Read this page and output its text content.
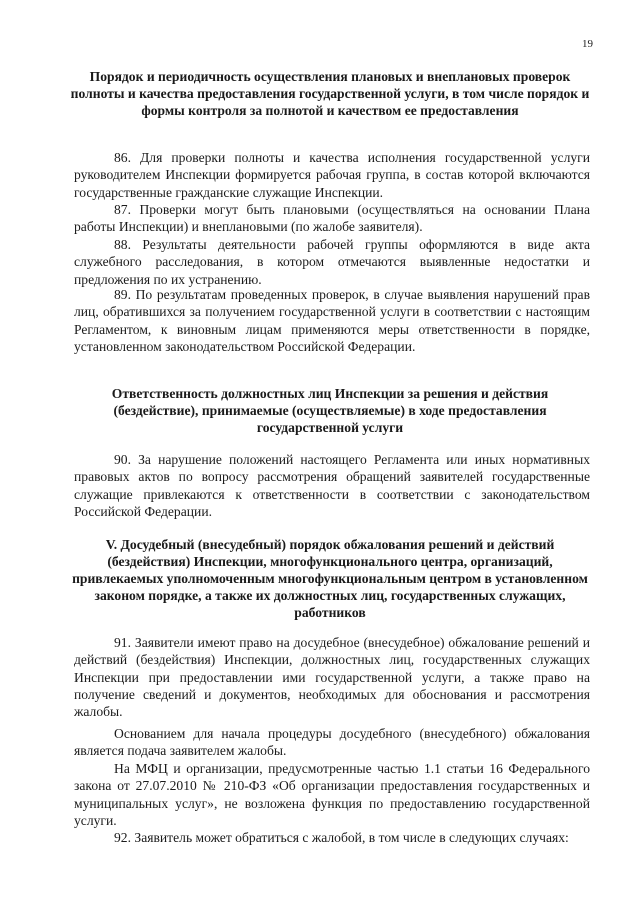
19
Порядок и периодичность осуществления плановых и внеплановых проверок полноты и качества предоставления государственной услуги, в том числе порядок и формы контроля за полнотой и качеством ее предоставления

86. Для проверки полноты и качества исполнения государственной услуги руководителем Инспекции формируется рабочая группа, в состав которой включаются государственные гражданские служащие Инспекции.

87. Проверки могут быть плановыми (осуществляться на основании Плана работы Инспекции) и внеплановыми (по жалобе заявителя).

88. Результаты деятельности рабочей группы оформляются в виде акта служебного расследования, в котором отмечаются выявленные недостатки и предложения по их устранению.

89. По результатам проведенных проверок, в случае выявления нарушений прав лиц, обратившихся за получением государственной услуги в соответствии с настоящим Регламентом, к виновным лицам применяются меры ответственности в порядке, установленном законодательством Российской Федерации.

Ответственность должностных лиц Инспекции за решения и действия (бездействие), принимаемые (осуществляемые) в ходе предоставления государственной услуги

90. За нарушение положений настоящего Регламента или иных нормативных правовых актов по вопросу рассмотрения обращений заявителей государственные служащие привлекаются к ответственности в соответствии с законодательством Российской Федерации.

V. Досудебный (внесудебный) порядок обжалования решений и действий (бездействия) Инспекции, многофункционального центра, организаций, привлекаемых уполномоченным многофункциональным центром в установленном законом порядке, а также их должностных лиц, государственных служащих, работников

91. Заявители имеют право на досудебное (внесудебное) обжалование решений и действий (бездействия) Инспекции, должностных лиц, государственных служащих Инспекции при предоставлении ими государственной услуги, а также право на получение сведений и документов, необходимых для обоснования и рассмотрения жалобы.

Основанием для начала процедуры досудебного (внесудебного) обжалования является подача заявителем жалобы.

На МФЦ и организации, предусмотренные частью 1.1 статьи 16 Федерального закона от 27.07.2010 № 210-ФЗ «Об организации предоставления государственных и муниципальных услуг», не возложена функция по предоставлению государственной услуги.

92. Заявитель может обратиться с жалобой, в том числе в следующих случаях:
